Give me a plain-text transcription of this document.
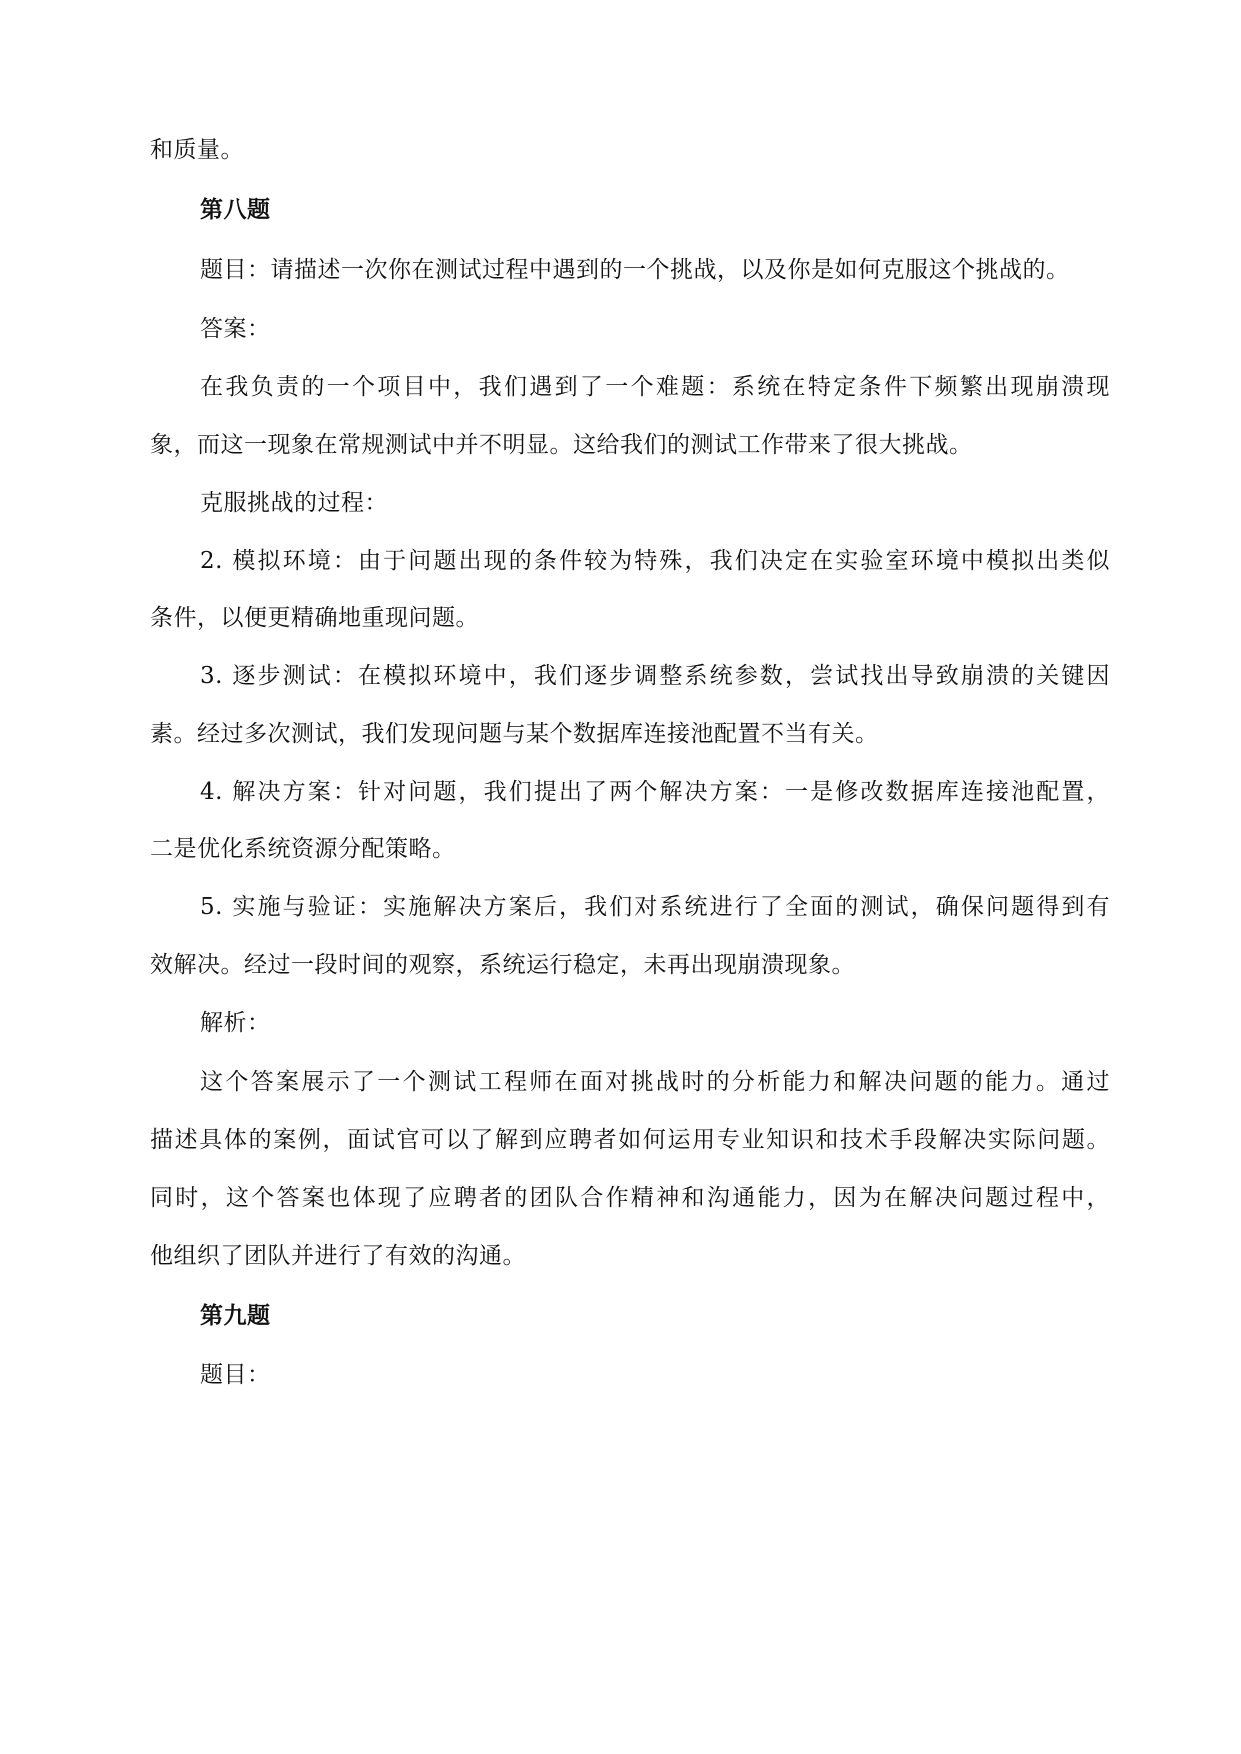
和质量。
第八题
题目：请描述一次你在测试过程中遇到的一个挑战，以及你是如何克服这个挑战的。
答案：
在我负责的一个项目中，我们遇到了一个难题：系统在特定条件下频繁出现崩溃现
象，而这一现象在常规测试中并不明显。这给我们的测试工作带来了很大挑战。
克服挑战的过程：
2. 模拟环境：由于问题出现的条件较为特殊，我们决定在实验室环境中模拟出类似
条件，以便更精确地重现问题。
3. 逐步测试：在模拟环境中，我们逐步调整系统参数，尝试找出导致崩溃的关键因
素。经过多次测试，我们发现问题与某个数据库连接池配置不当有关。
4. 解决方案：针对问题，我们提出了两个解决方案：一是修改数据库连接池配置，
二是优化系统资源分配策略。
5. 实施与验证：实施解决方案后，我们对系统进行了全面的测试，确保问题得到有
效解决。经过一段时间的观察，系统运行稳定，未再出现崩溃现象。
解析：
这个答案展示了一个测试工程师在面对挑战时的分析能力和解决问题的能力。通过
描述具体的案例，面试官可以了解到应聘者如何运用专业知识和技术手段解决实际问题。
同时，这个答案也体现了应聘者的团队合作精神和沟通能力，因为在解决问题过程中，
他组织了团队并进行了有效的沟通。
第九题
题目：
